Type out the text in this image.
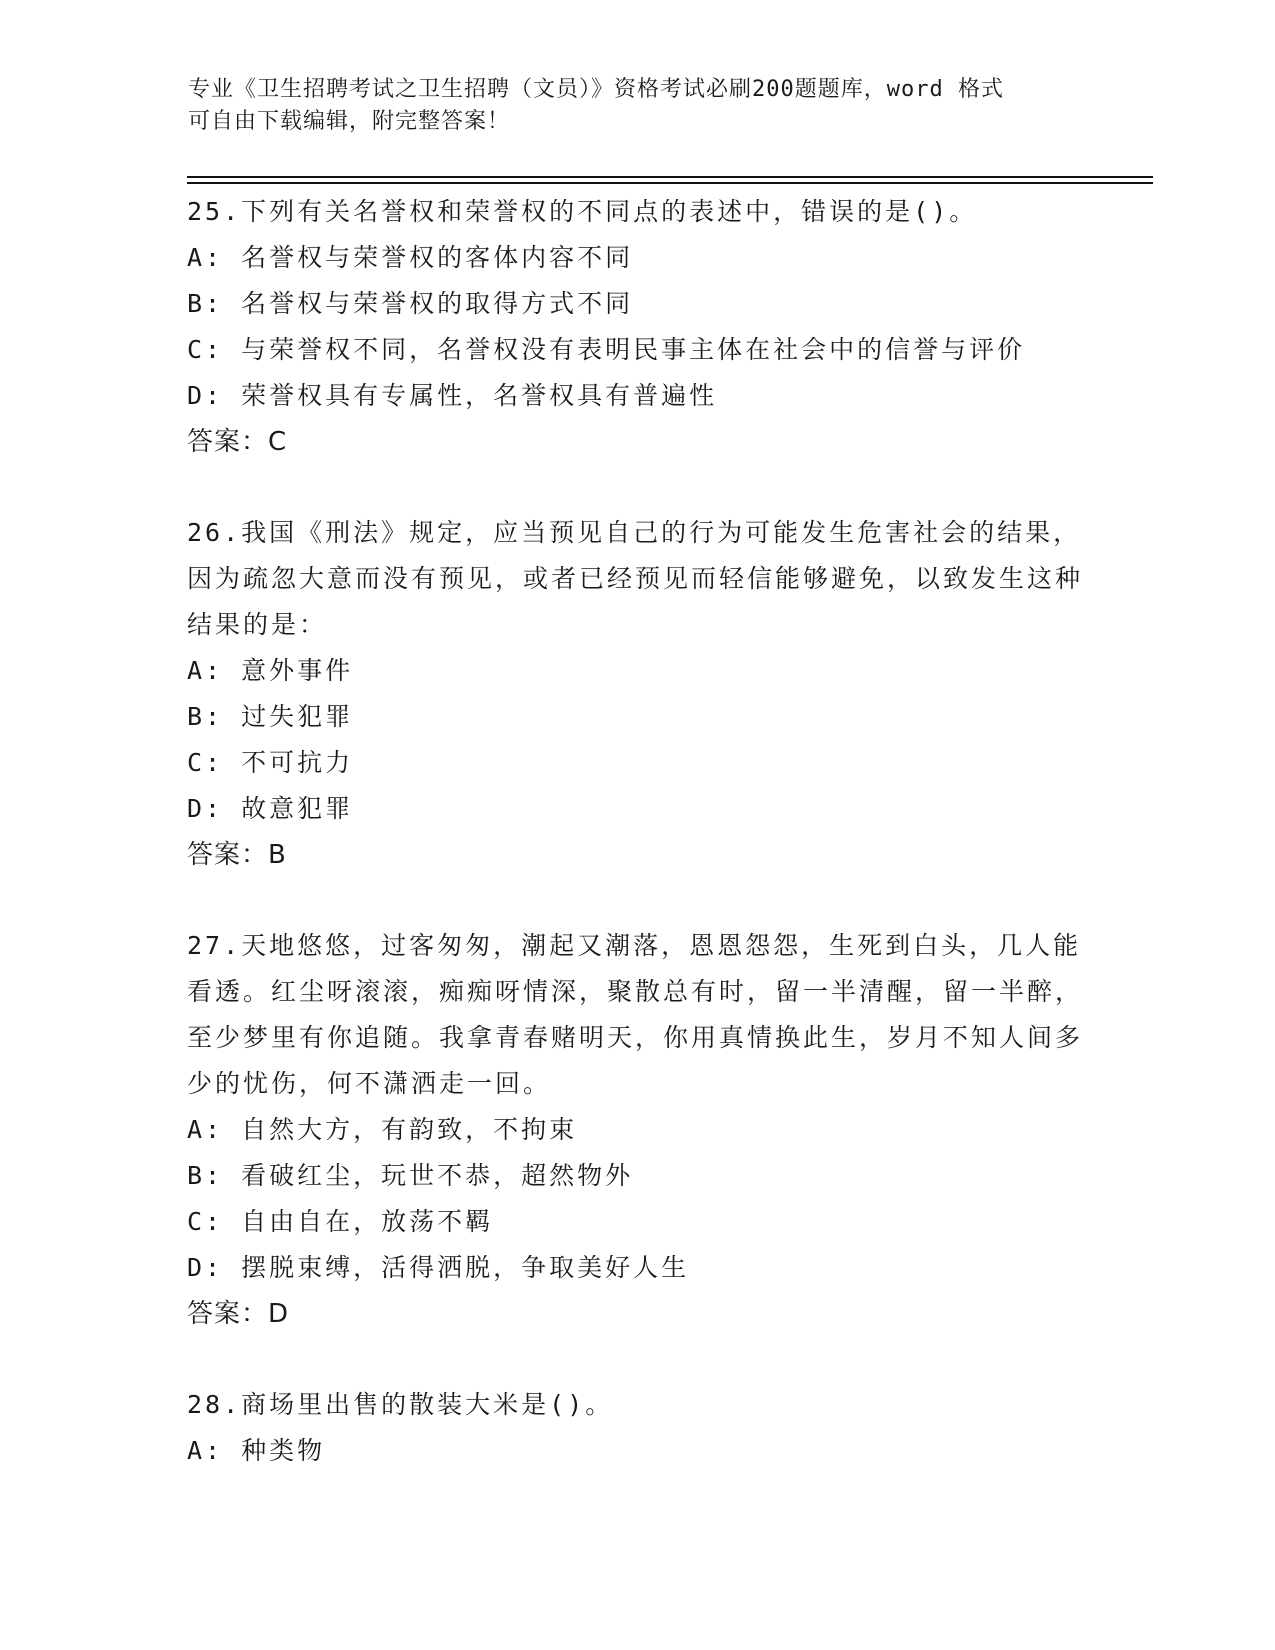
专业《卫生招聘考试之卫生招聘（文员）》资格考试必刷200题题库，word 格式
可自由下载编辑，附完整答案！

25.下列有关名誉权和荣誉权的不同点的表述中，错误的是()。

A: 名誉权与荣誉权的客体内容不同

B: 名誉权与荣誉权的取得方式不同

C: 与荣誉权不同，名誉权没有表明民事主体在社会中的信誉与评价

D: 荣誉权具有专属性，名誉权具有普遍性

答案：C

26.我国《刑法》规定，应当预见自己的行为可能发生危害社会的结果，因为疏忽大意而没有预见，或者已经预见而轻信能够避免，以致发生这种结果的是：

A: 意外事件

B: 过失犯罪

C: 不可抗力

D: 故意犯罪

答案：B

27.天地悠悠，过客匆匆，潮起又潮落，恩恩怨怨，生死到白头，几人能看透。红尘呀滚滚，痴痴呀情深，聚散总有时，留一半清醒，留一半醉，至少梦里有你追随。我拿青春赌明天，你用真情换此生，岁月不知人间多少的忧伤，何不潇洒走一回。

A: 自然大方，有韵致，不拘束

B: 看破红尘，玩世不恭，超然物外

C: 自由自在，放荡不羁

D: 摆脱束缚，活得洒脱，争取美好人生

答案：D

28.商场里出售的散装大米是()。

A: 种类物
